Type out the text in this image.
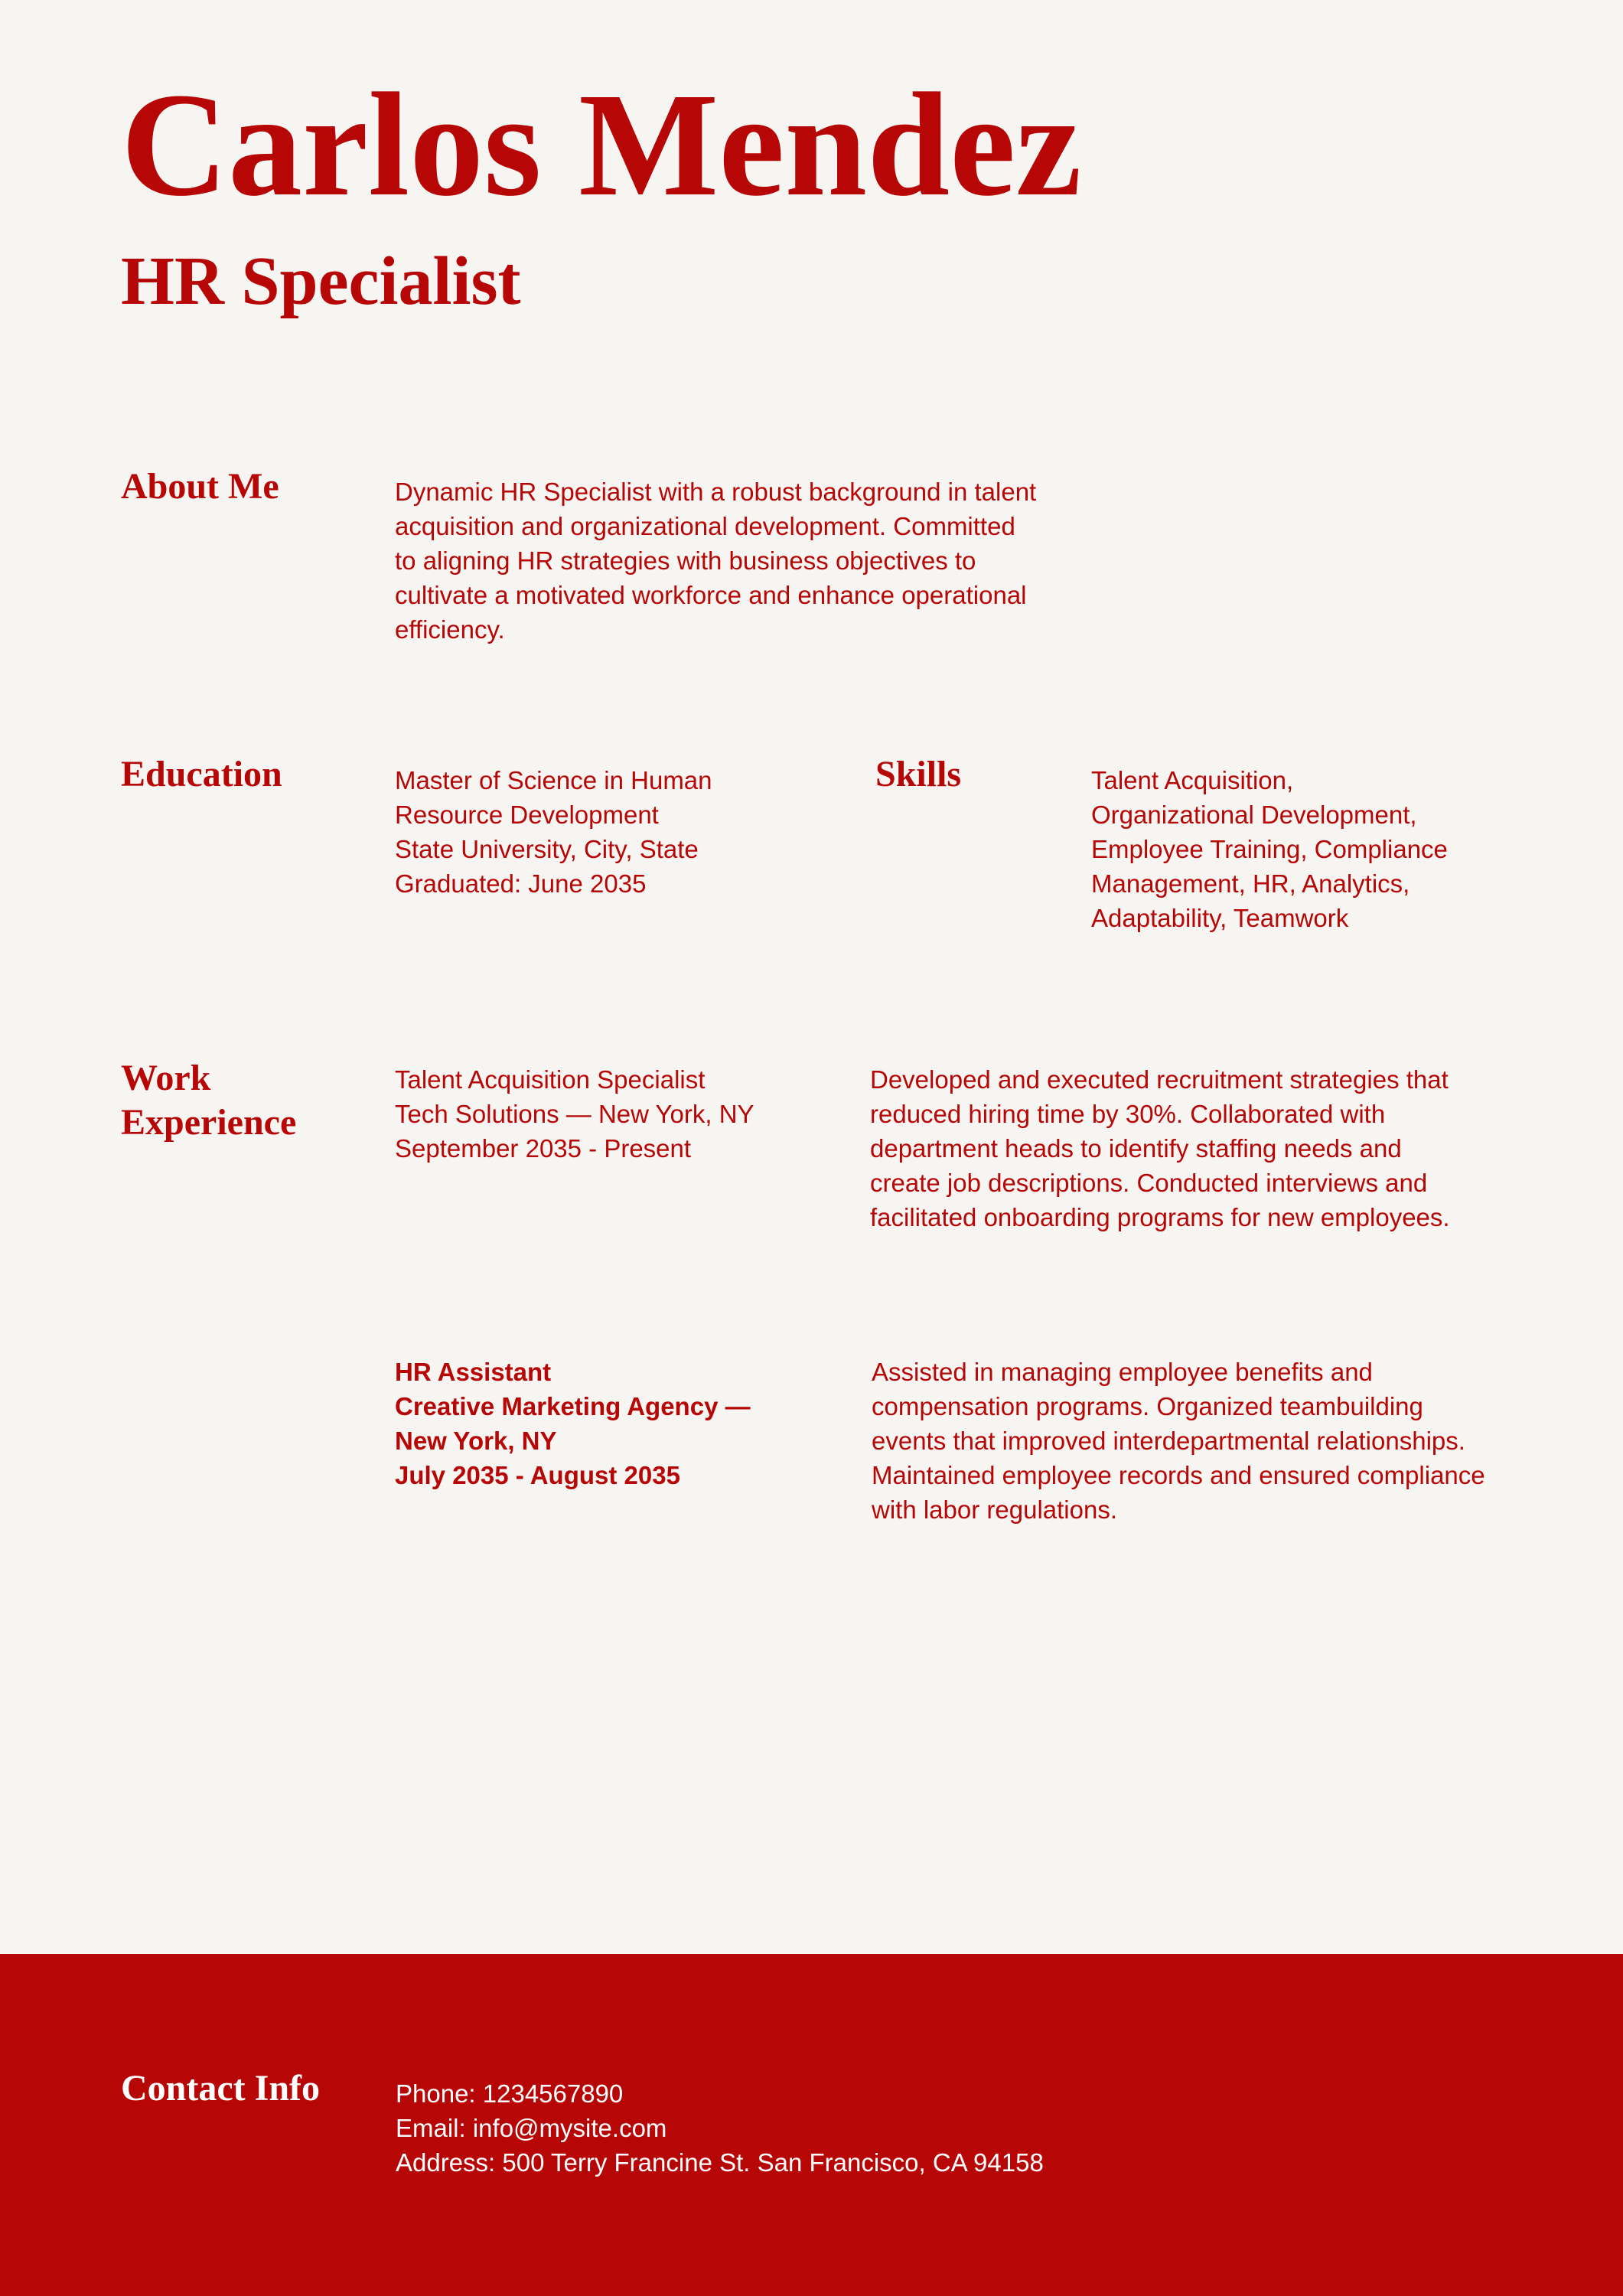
Carlos Mendez
HR Specialist
About Me	Dynamic HR Specialist with a robust background in talent
acquisition and organizational development. Committed
to aligning HR strategies with business objectives to
cultivate a motivated workforce and enhance operational
efficiency.
Education	Master of Science in Human
Resource Development
State University, City, State
Graduated: June 2035
Skills	Talent Acquisition,
Organizational Development,
Employee Training, Compliance
Management, HR, Analytics,
Adaptability, Teamwork
Work
Experience
Talent Acquisition Specialist
Tech Solutions — New York, NY
September 2035 - Present
Developed and executed recruitment strategies that
reduced hiring time by 30%. Collaborated with
department heads to identify staffing needs and
create job descriptions. Conducted interviews and
facilitated onboarding programs for new employees.
HR Assistant
Creative Marketing Agency —
New York, NY
July 2035 - August 2035
Assisted in managing employee benefits and
compensation programs. Organized teambuilding
events that improved interdepartmental relationships.
Maintained employee records and ensured compliance
with labor regulations.
Contact Info	Phone: 1234567890
Email: info@mysite.com
Address: 500 Terry Francine St. San Francisco, CA 94158
